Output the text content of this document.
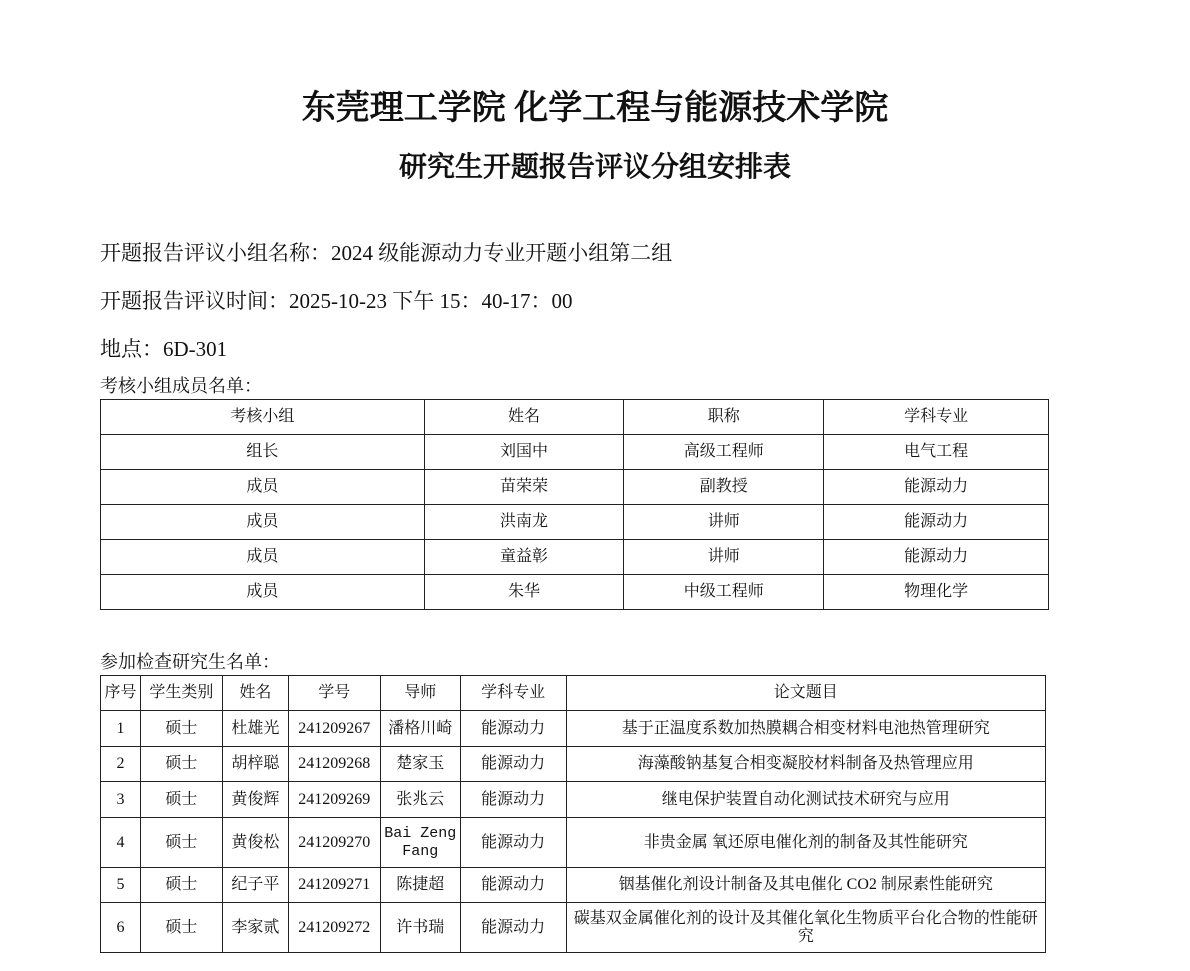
东莞理工学院 化学工程与能源技术学院
研究生开题报告评议分组安排表
开题报告评议小组名称：2024 级能源动力专业开题小组第二组
开题报告评议时间：2025-10-23 下午 15：40-17：00
地点：6D-301
考核小组成员名单：
考核小组	姓名	职称	学科专业
组长	刘国中	高级工程师	电气工程
成员	苗荣荣	副教授	能源动力
成员	洪南龙	讲师	能源动力
成员	童益彰	讲师	能源动力
成员	朱华	中级工程师	物理化学
参加检查研究生名单：
序号	学生类别	姓名	学号	导师	学科专业	论文题目
1	硕士	杜雄光	241209267	潘格川崎	能源动力	基于正温度系数加热膜耦合相变材料电池热管理研究
2	硕士	胡梓聪	241209268	楚家玉	能源动力	海藻酸钠基复合相变凝胶材料制备及热管理应用
3	硕士	黄俊辉	241209269	张兆云	能源动力	继电保护装置自动化测试技术研究与应用
4	硕士	黄俊松	241209270	Bai Zeng Fang	能源动力	非贵金属 氧还原电催化剂的制备及其性能研究
5	硕士	纪子平	241209271	陈捷超	能源动力	铟基催化剂设计制备及其电催化 CO2 制尿素性能研究
6	硕士	李家贰	241209272	许书瑞	能源动力	碳基双金属催化剂的设计及其催化氧化生物质平台化合物的性能研究
